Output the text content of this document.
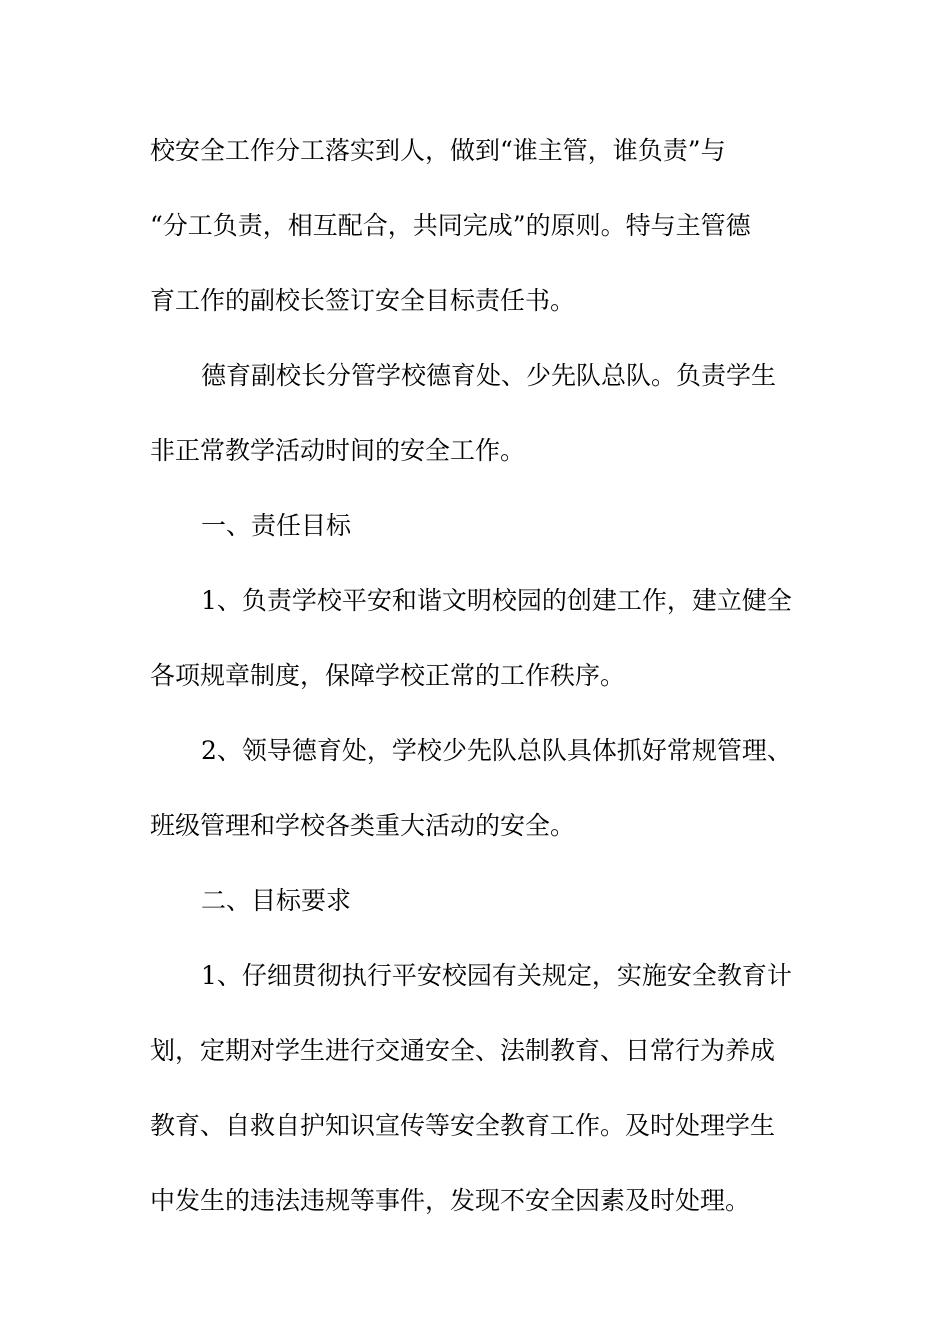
校安全工作分工落实到人，做到“谁主管，谁负责”与

“分工负责，相互配合，共同完成”的原则。特与主管德

育工作的副校长签订安全目标责任书。

德育副校长分管学校德育处、少先队总队。负责学生

非正常教学活动时间的安全工作。

一、责任目标

1、负责学校平安和谐文明校园的创建工作，建立健全

各项规章制度，保障学校正常的工作秩序。

2、领导德育处，学校少先队总队具体抓好常规管理、

班级管理和学校各类重大活动的安全。

二、目标要求

1、仔细贯彻执行平安校园有关规定，实施安全教育计

划，定期对学生进行交通安全、法制教育、日常行为养成

教育、自救自护知识宣传等安全教育工作。及时处理学生

中发生的违法违规等事件，发现不安全因素及时处理。
